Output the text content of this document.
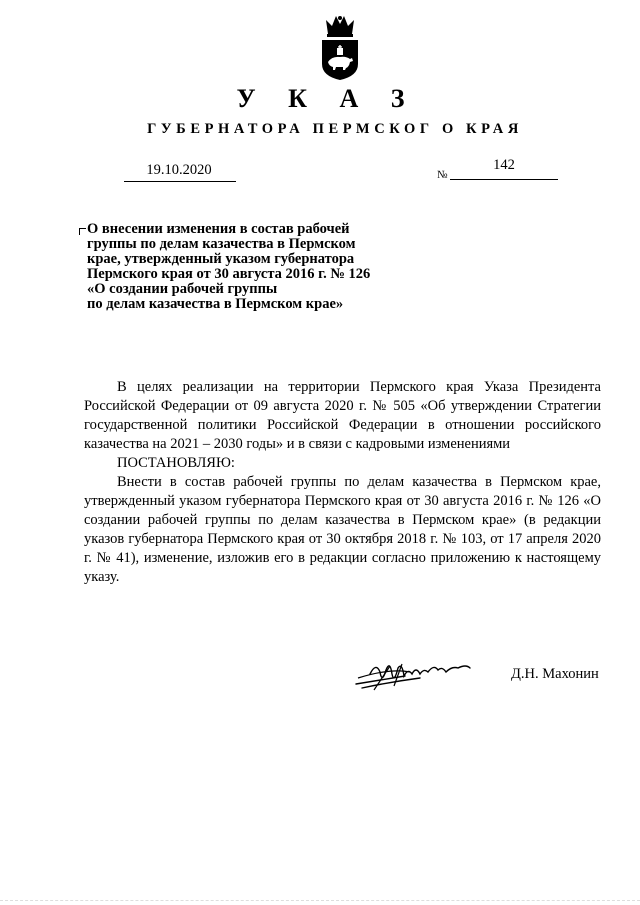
У К А З
ГУБЕРНАТОРА ПЕРМСКОГ О КРАЯ
19.10.2020	№
142
О внесении изменения в состав рабочей
группы по делам казачества в Пермском
крае, утвержденный указом губернатора
Пермского края от 30 августа 2016 г. № 126
«О создании рабочей группы
по делам казачества в Пермском крае»

В целях реализации на территории Пермского края Указа Президента Российской Федерации от 09 августа 2020 г. № 505 «Об утверждении Стратегии государственной политики Российской Федерации в отношении российского казачества на 2021 – 2030 годы» и в связи с кадровыми изменениями

ПОСТАНОВЛЯЮ:

Внести в состав рабочей группы по делам казачества в Пермском крае, утвержденный указом губернатора Пермского края от 30 августа 2016 г. № 126 «О создании рабочей группы по делам казачества в Пермском крае» (в редакции указов губернатора Пермского края от 30 октября 2018 г. № 103, от 17 апреля 2020 г. № 41), изменение, изложив его в редакции согласно приложению к настоящему указу.

Д.Н. Махонин
